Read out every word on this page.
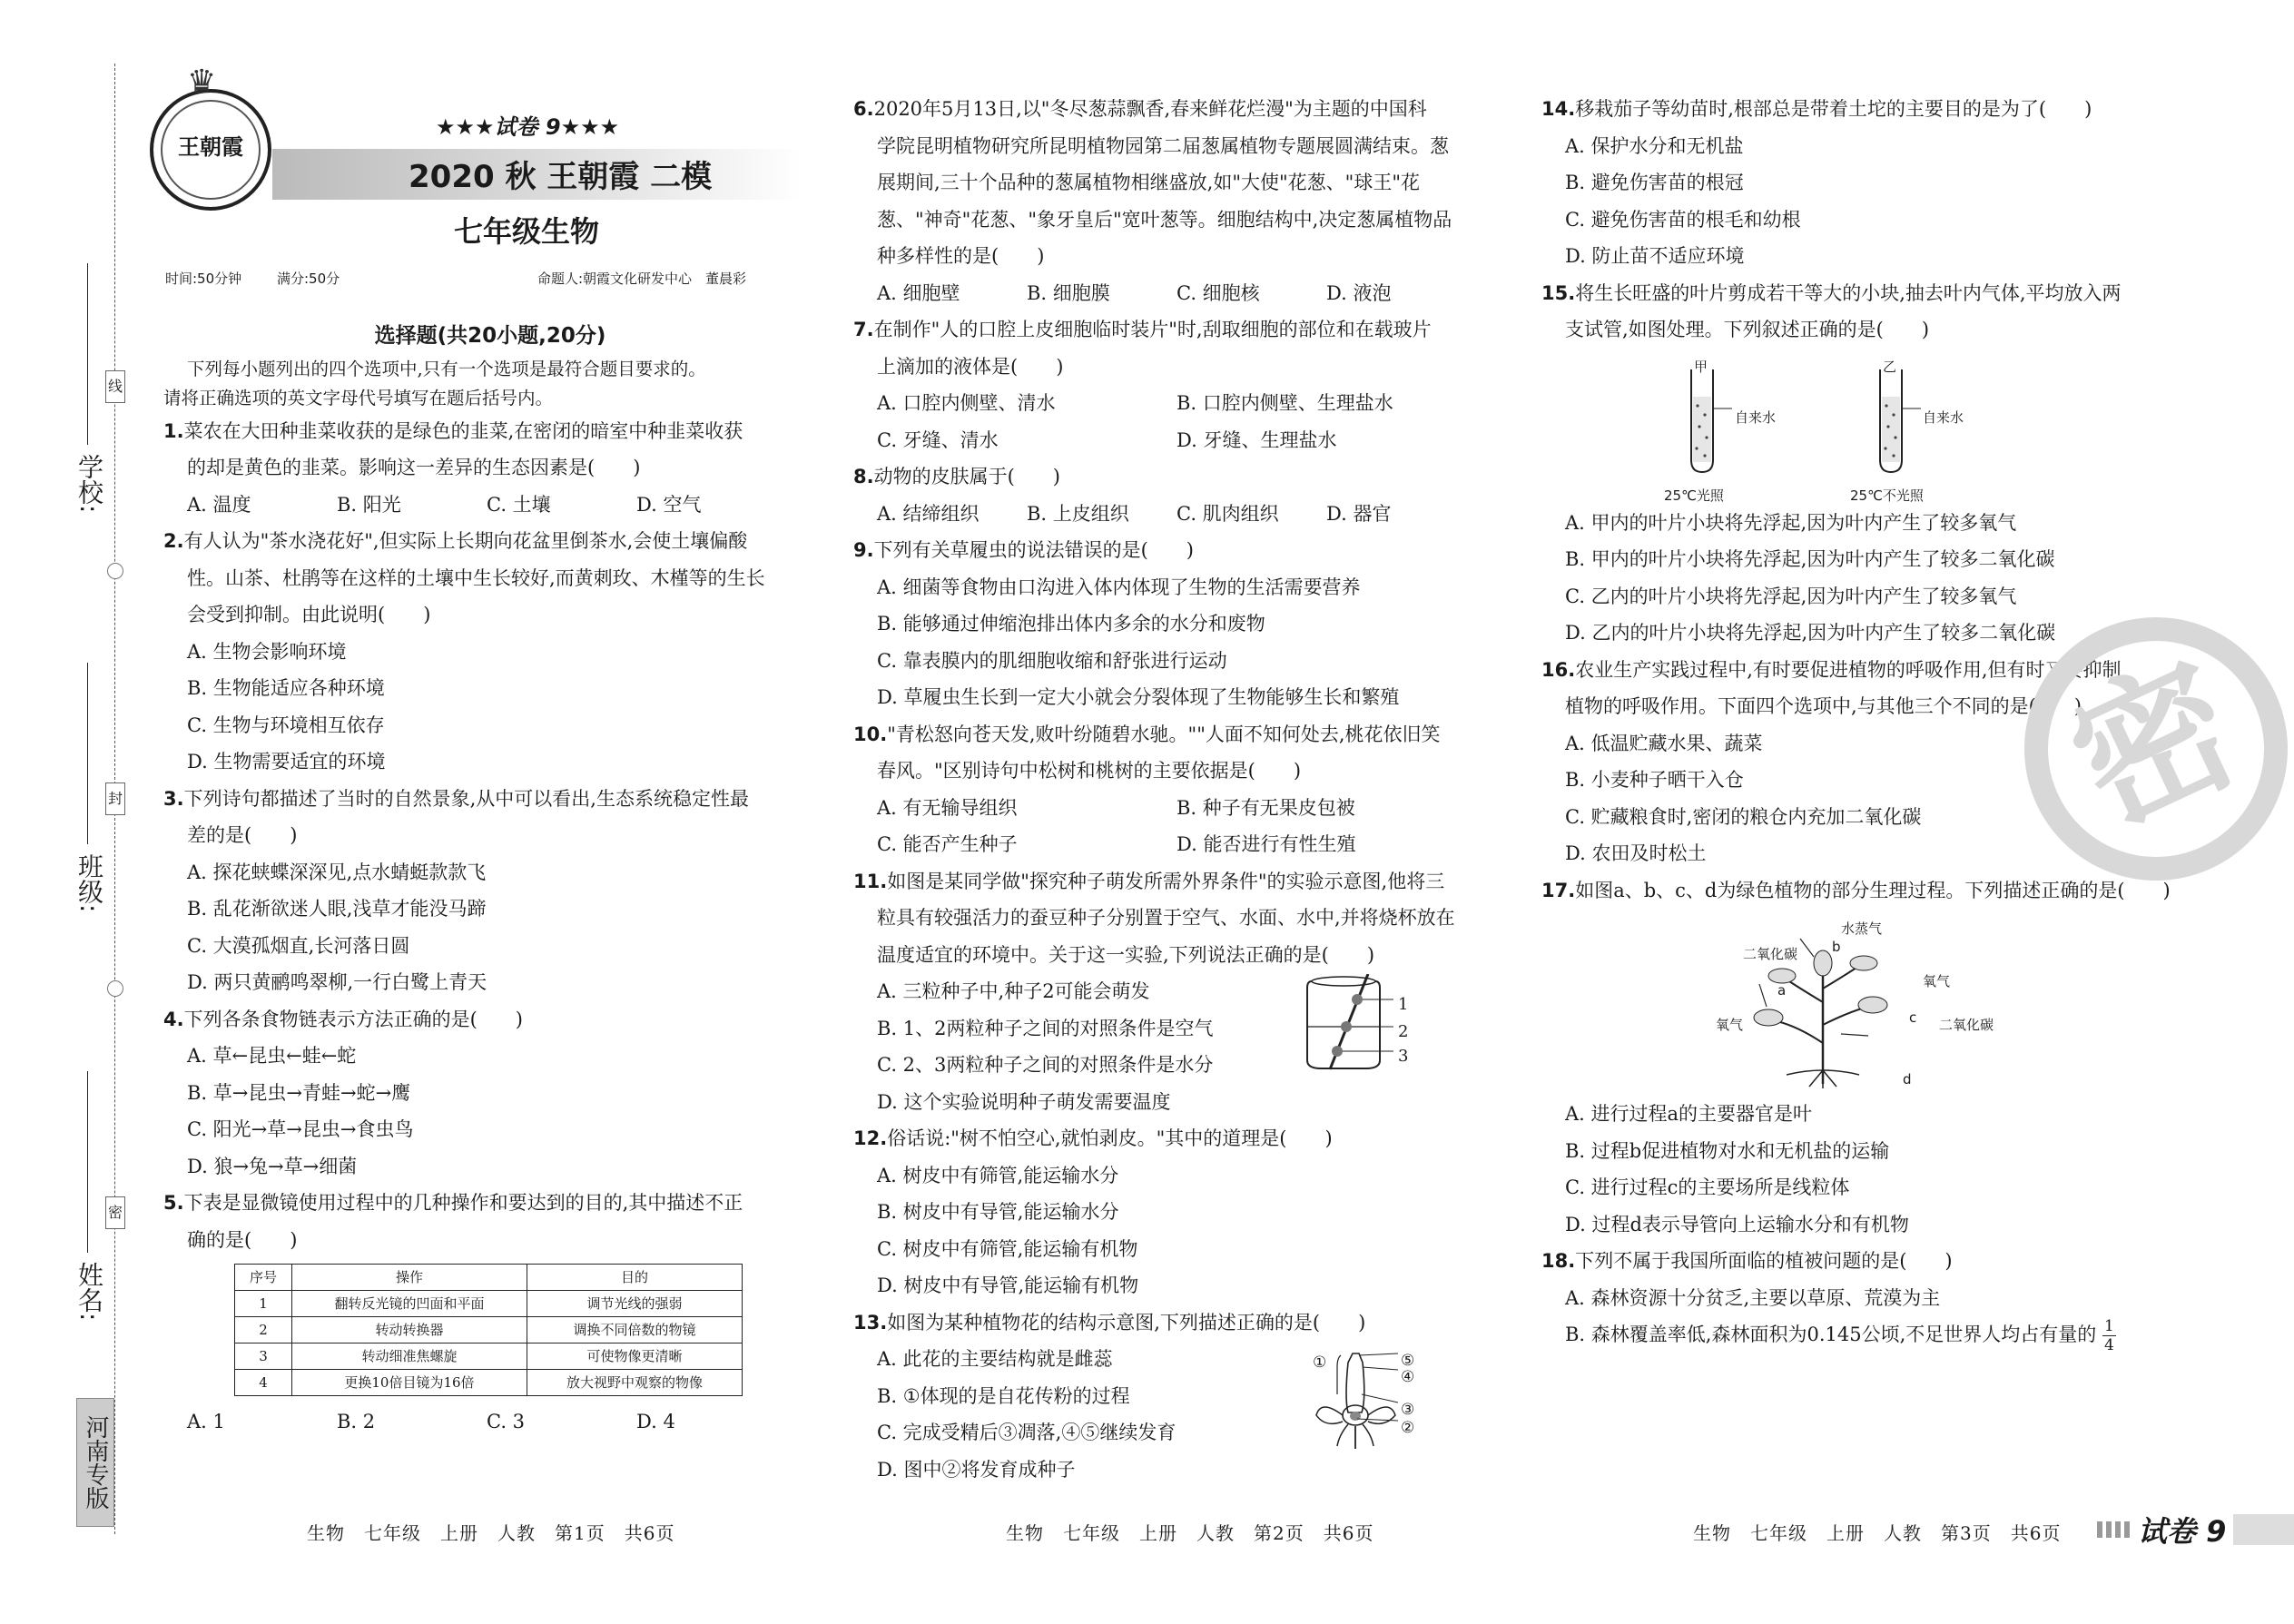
学校:
班级:
姓名:
线
封
密
河南专版
王朝霞
♛
★★★试卷 9★★★
2020 秋 王朝霞 二模
七年级生物
时间:50分钟	满分:50分	命题人:朝霞文化研发中心　董晨彩
选择题(共20小题,20分)
下列每小题列出的四个选项中,只有一个选项是最符合题目要求的。
请将正确选项的英文字母代号填写在题后括号内。
1.菜农在大田种韭菜收获的是绿色的韭菜,在密闭的暗室中种韭菜收获
的却是黄色的韭菜。影响这一差异的生态因素是(　　)
A. 温度	B. 阳光	C. 土壤	D. 空气
2.有人认为"茶水浇花好",但实际上长期向花盆里倒茶水,会使土壤偏酸
性。山茶、杜鹃等在这样的土壤中生长较好,而黄刺玫、木槿等的生长
会受到抑制。由此说明(　　)
A. 生物会影响环境
B. 生物能适应各种环境
C. 生物与环境相互依存
D. 生物需要适宜的环境
3.下列诗句都描述了当时的自然景象,从中可以看出,生态系统稳定性最
差的是(　　)
A. 探花蛱蝶深深见,点水蜻蜓款款飞
B. 乱花渐欲迷人眼,浅草才能没马蹄
C. 大漠孤烟直,长河落日圆
D. 两只黄鹂鸣翠柳,一行白鹭上青天
4.下列各条食物链表示方法正确的是(　　)
A. 草←昆虫←蛙←蛇
B. 草→昆虫→青蛙→蛇→鹰
C. 阳光→草→昆虫→食虫鸟
D. 狼→兔→草→细菌
5.下表是显微镜使用过程中的几种操作和要达到的目的,其中描述不正
确的是(　　)
序号	操作	目的
1	翻转反光镜的凹面和平面	调节光线的强弱
2	转动转换器	调换不同倍数的物镜
3	转动细准焦螺旋	可使物像更清晰
4	更换10倍目镜为16倍	放大视野中观察的物像
A. 1	B. 2	C. 3	D. 4
6.2020年5月13日,以"冬尽葱蒜飘香,春来鲜花烂漫"为主题的中国科
学院昆明植物研究所昆明植物园第二届葱属植物专题展圆满结束。葱
展期间,三十个品种的葱属植物相继盛放,如"大使"花葱、"球王"花
葱、"神奇"花葱、"象牙皇后"宽叶葱等。细胞结构中,决定葱属植物品
种多样性的是(　　)
A. 细胞壁	B. 细胞膜	C. 细胞核	D. 液泡
7.在制作"人的口腔上皮细胞临时装片"时,刮取细胞的部位和在载玻片
上滴加的液体是(　　)
A. 口腔内侧壁、清水	B. 口腔内侧壁、生理盐水
C. 牙缝、清水	D. 牙缝、生理盐水
8.动物的皮肤属于(　　)
A. 结缔组织	B. 上皮组织	C. 肌肉组织	D. 器官
9.下列有关草履虫的说法错误的是(　　)
A. 细菌等食物由口沟进入体内体现了生物的生活需要营养
B. 能够通过伸缩泡排出体内多余的水分和废物
C. 靠表膜内的肌细胞收缩和舒张进行运动
D. 草履虫生长到一定大小就会分裂体现了生物能够生长和繁殖
10."青松怒向苍天发,败叶纷随碧水驰。""人面不知何处去,桃花依旧笑
春风。"区别诗句中松树和桃树的主要依据是(　　)
A. 有无输导组织	B. 种子有无果皮包被
C. 能否产生种子	D. 能否进行有性生殖
11.如图是某同学做"探究种子萌发所需外界条件"的实验示意图,他将三
粒具有较强活力的蚕豆种子分别置于空气、水面、水中,并将烧杯放在
温度适宜的环境中。关于这一实验,下列说法正确的是(　　)
A. 三粒种子中,种子2可能会萌发
B. 1、2两粒种子之间的对照条件是空气
C. 2、3两粒种子之间的对照条件是水分
D. 这个实验说明种子萌发需要温度
1
2
3
12.俗话说:"树不怕空心,就怕剥皮。"其中的道理是(　　)
A. 树皮中有筛管,能运输水分
B. 树皮中有导管,能运输水分
C. 树皮中有筛管,能运输有机物
D. 树皮中有导管,能运输有机物
13.如图为某种植物花的结构示意图,下列描述正确的是(　　)
A. 此花的主要结构就是雌蕊
B. ①体现的是自花传粉的过程
C. 完成受精后③凋落,④⑤继续发育
D. 图中②将发育成种子
①	⑤
④
③
②
14.移栽茄子等幼苗时,根部总是带着土坨的主要目的是为了(　　)
A. 保护水分和无机盐
B. 避免伤害苗的根冠
C. 避免伤害苗的根毛和幼根
D. 防止苗不适应环境
15.将生长旺盛的叶片剪成若干等大的小块,抽去叶内气体,平均放入两
支试管,如图处理。下列叙述正确的是(　　)
甲	乙
自来水	自来水
25℃光照	25℃不光照
A. 甲内的叶片小块将先浮起,因为叶内产生了较多氧气
B. 甲内的叶片小块将先浮起,因为叶内产生了较多二氧化碳
C. 乙内的叶片小块将先浮起,因为叶内产生了较多氧气
D. 乙内的叶片小块将先浮起,因为叶内产生了较多二氧化碳
16.农业生产实践过程中,有时要促进植物的呼吸作用,但有时又要抑制
植物的呼吸作用。下面四个选项中,与其他三个不同的是(　　)
A. 低温贮藏水果、蔬菜
B. 小麦种子晒干入仓
C. 贮藏粮食时,密闭的粮仓内充加二氧化碳
D. 农田及时松土
17.如图a、b、c、d为绿色植物的部分生理过程。下列描述正确的是(　　)
水蒸气
二氧化碳	b
a
氧气
氧气	c 二氧化碳
d
A. 进行过程a的主要器官是叶
B. 过程b促进植物对水和无机盐的运输
C. 进行过程c的主要场所是线粒体
D. 过程d表示导管向上运输水分和有机物
18.下列不属于我国所面临的植被问题的是(　　)
A. 森林资源十分贫乏,主要以草原、荒漠为主
B. 森林覆盖率低,森林面积为0.145公顷,不足世界人均占有量的 $\frac{1}{4}$
密
生物　七年级　上册　人教　第1页　共6页	生物　七年级　上册　人教　第2页　共6页	生物　七年级　上册　人教　第3页　共6页	试卷 9
